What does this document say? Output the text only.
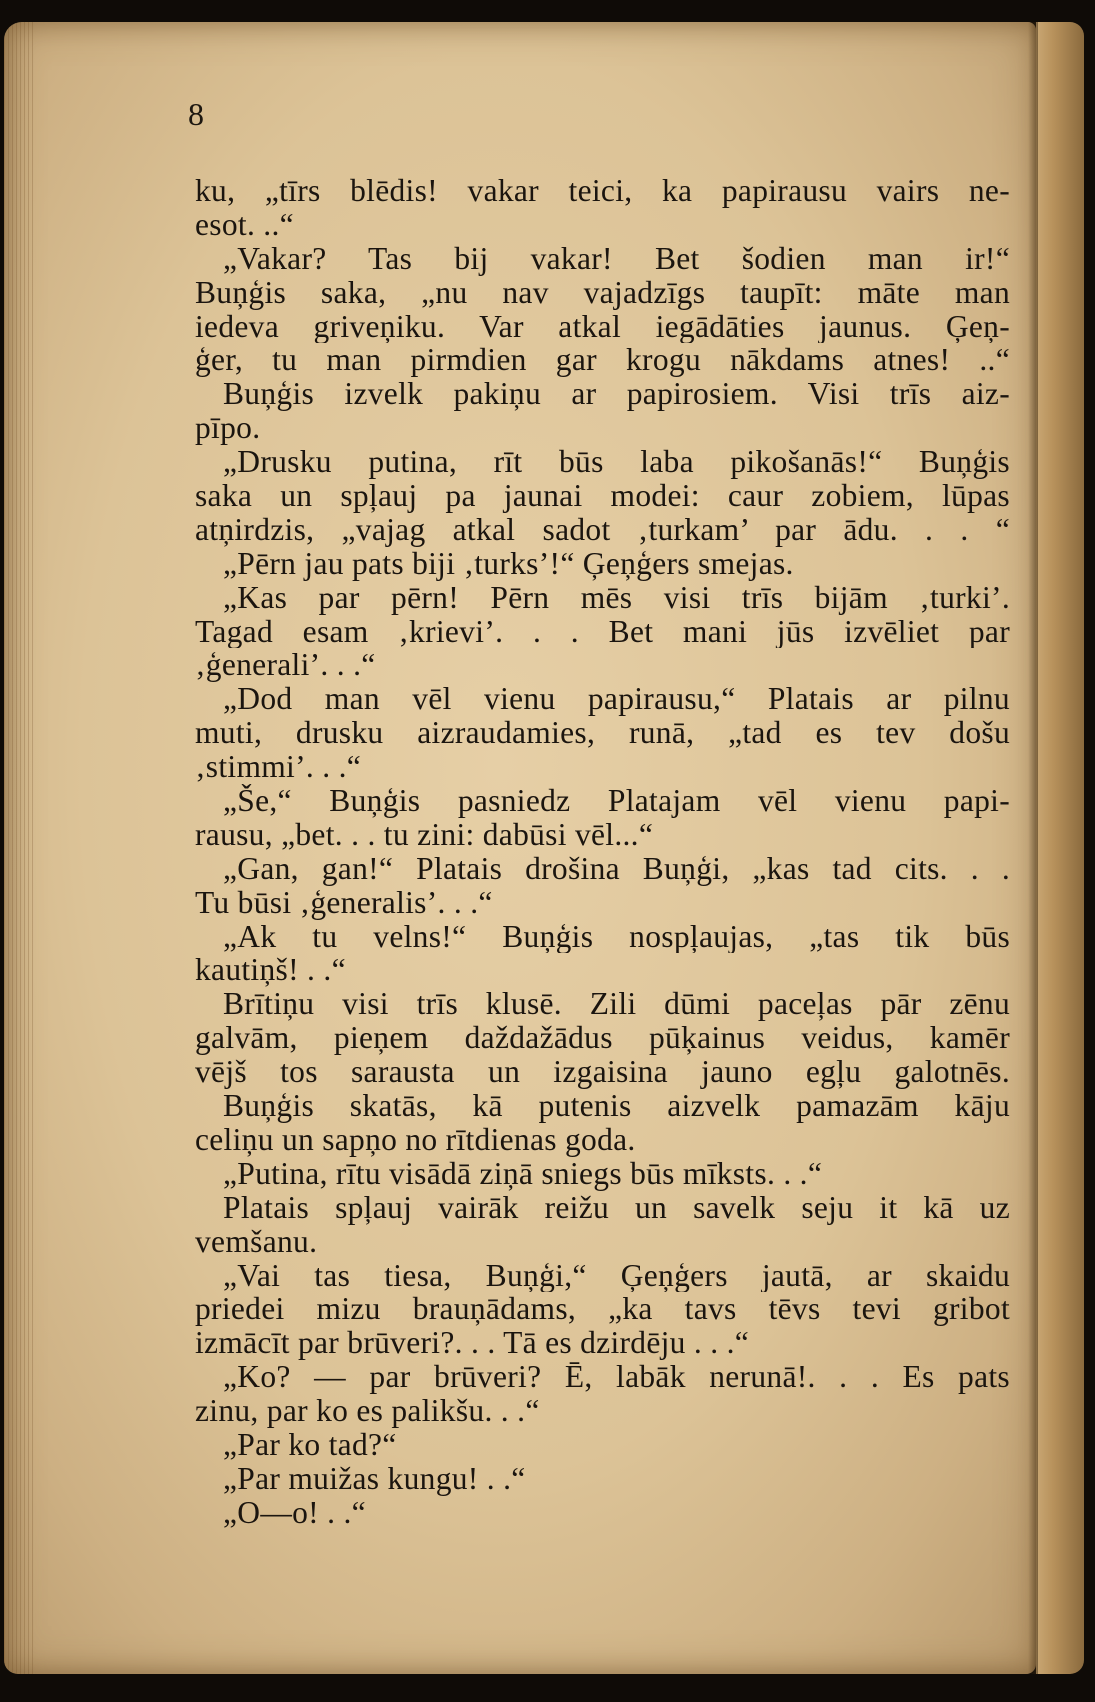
8

ku, „tīrs blēdis! vakar teici, ka papirausu vairs ne-
esot. ..“
„Vakar? Tas bij vakar! Bet šodien man ir!“
Buņģis saka, „nu nav vajadzīgs taupīt: māte man
iedeva griveņiku. Var atkal iegādāties jaunus. Ģeņ-
ģer, tu man pirmdien gar krogu nākdams atnes! ..“
Buņģis izvelk pakiņu ar papirosiem. Visi trīs aiz-
pīpo.
„Drusku putina, rīt būs laba pikošanās!“ Buņģis
saka un spļauj pa jaunai modei: caur zobiem, lūpas
atņirdzis, „vajag atkal sadot ‚turkam’ par ādu. . . “
„Pērn jau pats biji ‚turks’!“ Ģeņģers smejas.
„Kas par pērn! Pērn mēs visi trīs bijām ‚turki’.
Tagad esam ‚krievi’. . . Bet mani jūs izvēliet par
‚ģenerali’. . .“
„Dod man vēl vienu papirausu,“ Platais ar pilnu
muti, drusku aizraudamies, runā, „tad es tev došu
‚stimmi’. . .“
„Še,“ Buņģis pasniedz Platajam vēl vienu papi-
rausu, „bet. . . tu zini: dabūsi vēl...“
„Gan, gan!“ Platais drošina Buņģi, „kas tad cits. . .
Tu būsi ‚ģeneralis’. . .“
„Ak tu velns!“ Buņģis nospļaujas, „tas tik būs
kautiņš! . .“
Brītiņu visi trīs klusē. Zili dūmi paceļas pār zēnu
galvām, pieņem daždažādus pūķainus veidus, kamēr
vējš tos sarausta un izgaisina jauno egļu galotnēs.
Buņģis skatās, kā putenis aizvelk pamazām kāju
celiņu un sapņo no rītdienas goda.
„Putina, rītu visādā ziņā sniegs būs mīksts. . .“
Platais spļauj vairāk reižu un savelk seju it kā uz
vemšanu.
„Vai tas tiesa, Buņģi,“ Ģeņģers jautā, ar skaidu
priedei mizu brauņādams, „ka tavs tēvs tevi gribot
izmācīt par brūveri?. . . Tā es dzirdēju . . .“
„Ko? — par brūveri? Ē, labāk nerunā!. . . Es pats
zinu, par ko es palikšu. . .“
„Par ko tad?“
„Par muižas kungu! . .“
„O—o! . .“
